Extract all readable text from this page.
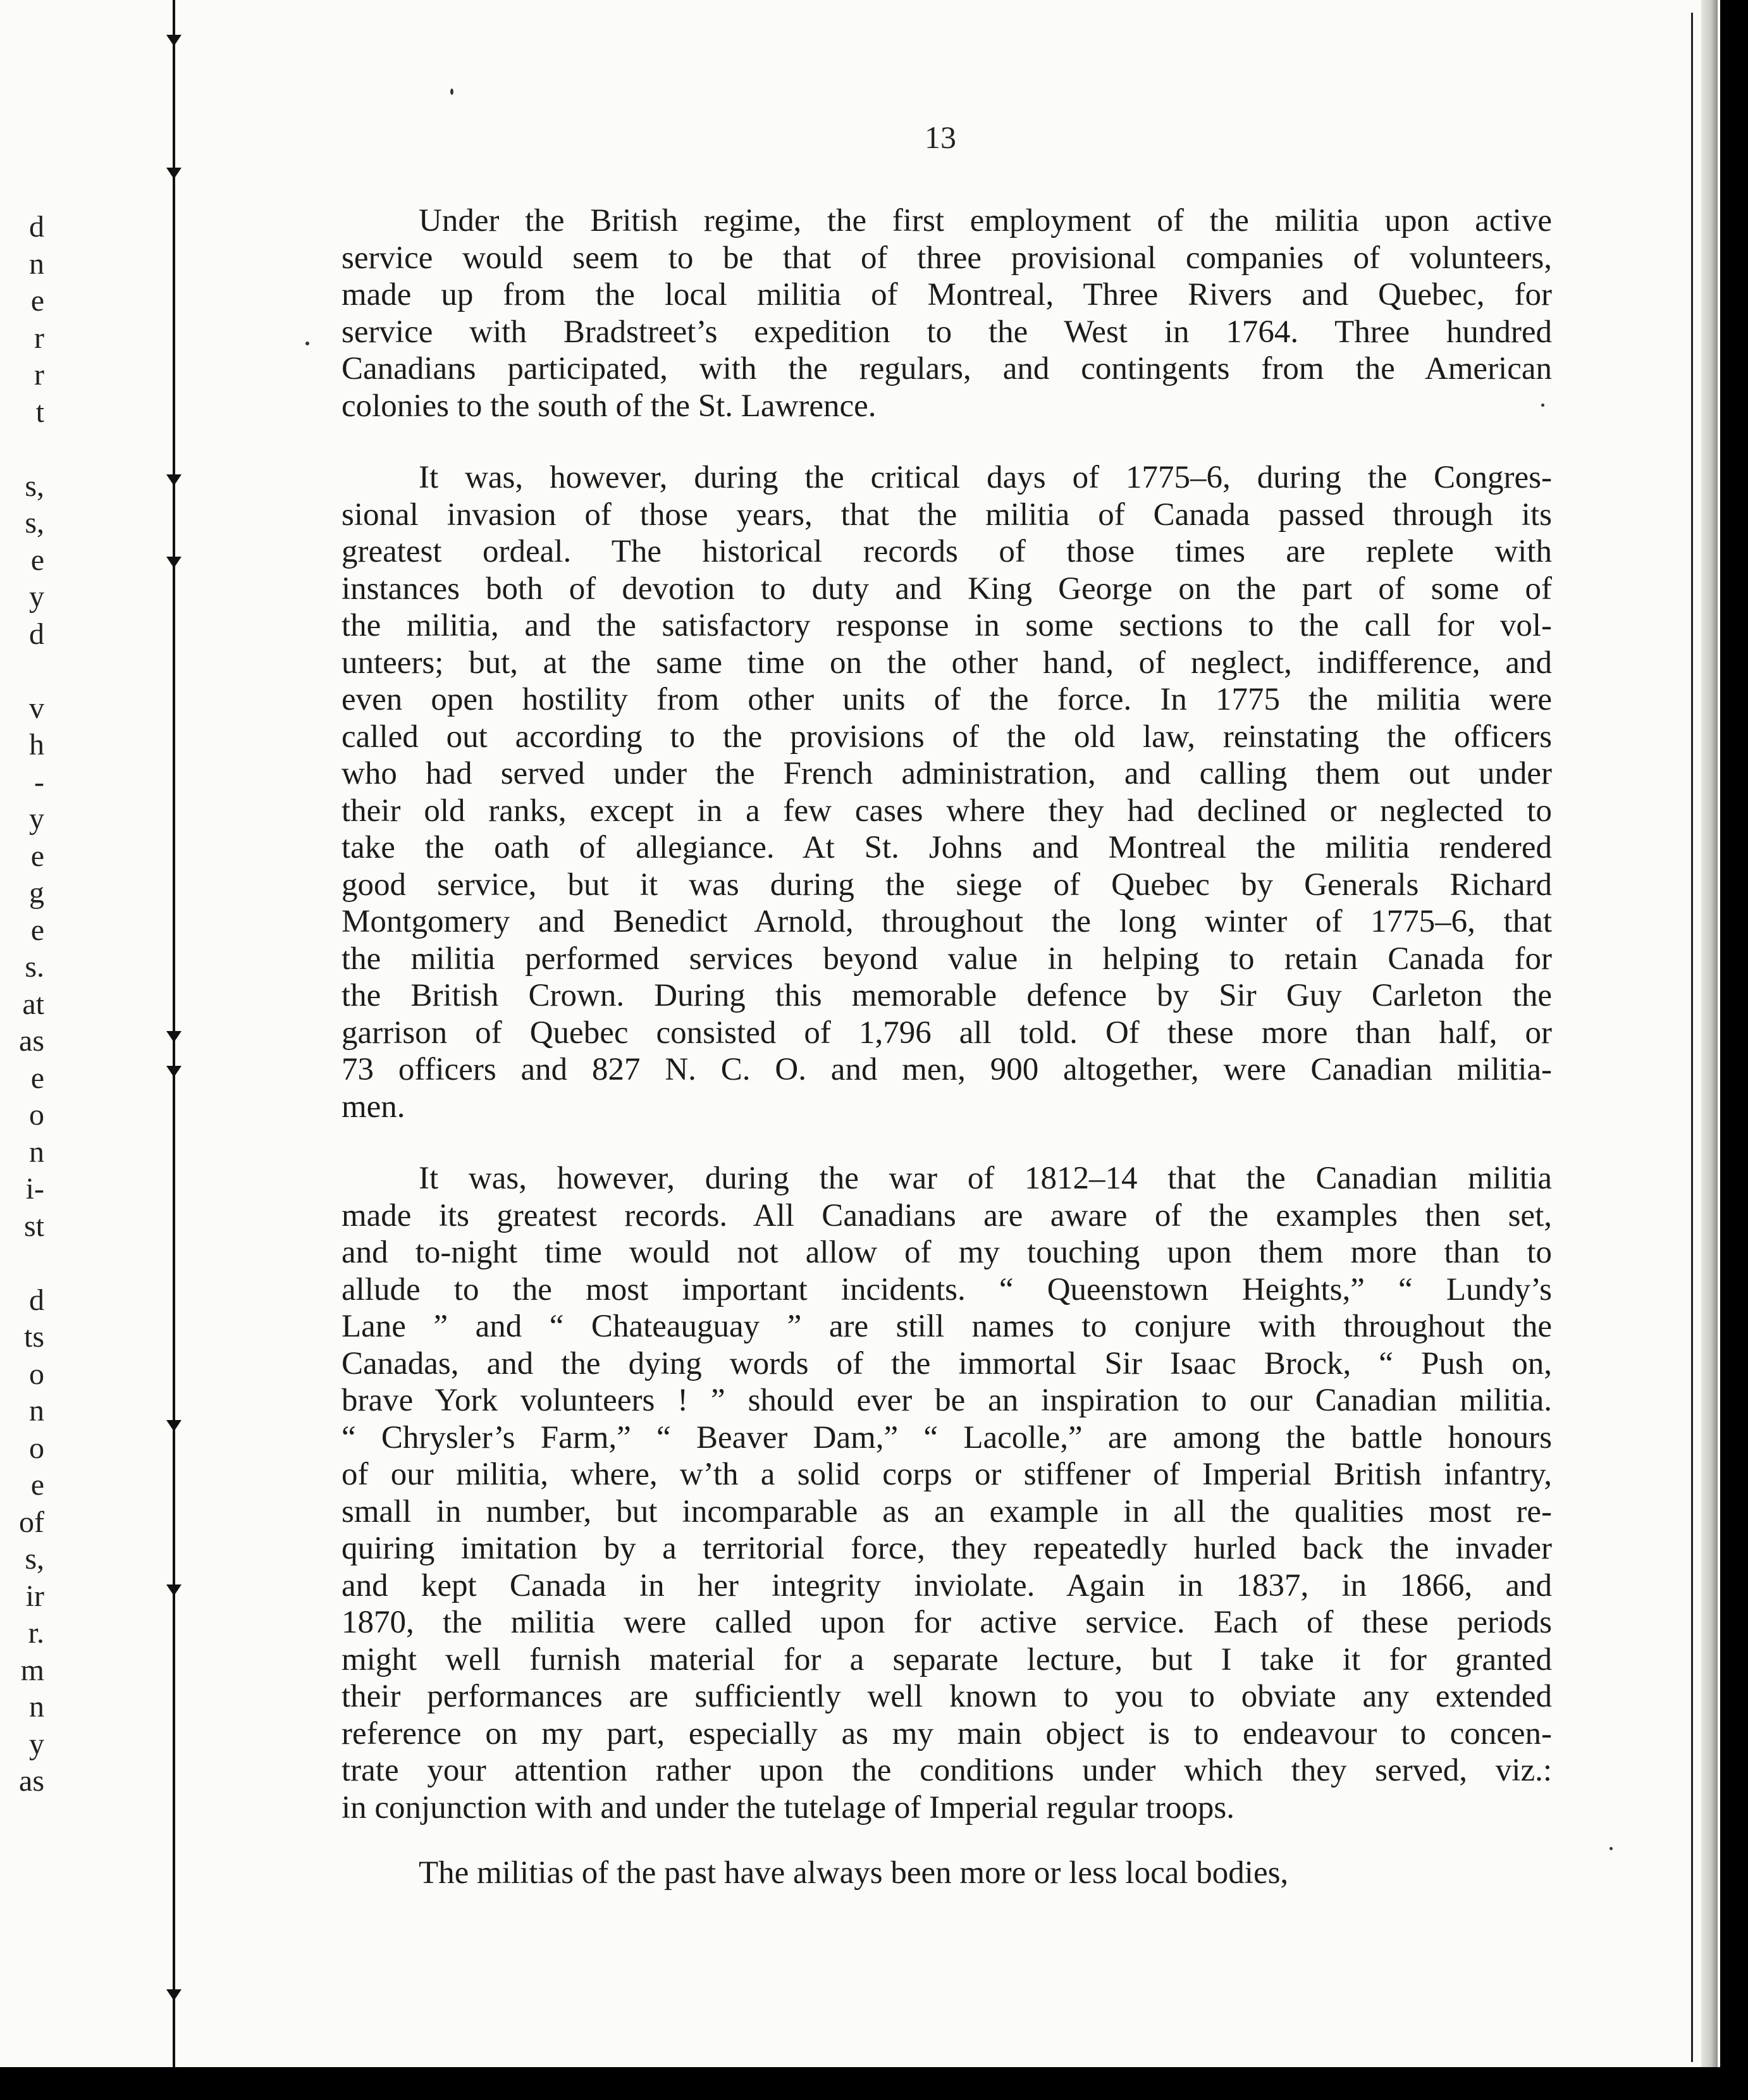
d
n
e
r
r
t
s,
s,
e
y
d
v
h
-
y
e
g
e
s.
at
as
e
o
n
i-
st
d
ts
o
n
o
e
of
s,
ir
r.
m
n
y
as
13
Under the British regime, the first employment of the militia upon active
service would seem to be that of three provisional companies of volunteers,
made up from the local militia of Montreal, Three Rivers and Quebec, for
service with Bradstreet’s expedition to the West in 1764. Three hundred
Canadians participated, with the regulars, and contingents from the American
colonies to the south of the St. Lawrence.
It was, however, during the critical days of 1775–6, during the Congres-
sional invasion of those years, that the militia of Canada passed through its
greatest ordeal. The historical records of those times are replete with
instances both of devotion to duty and King George on the part of some of
the militia, and the satisfactory response in some sections to the call for vol-
unteers; but, at the same time on the other hand, of neglect, indifference, and
even open hostility from other units of the force. In 1775 the militia were
called out according to the provisions of the old law, reinstating the officers
who had served under the French administration, and calling them out under
their old ranks, except in a few cases where they had declined or neglected to
take the oath of allegiance. At St. Johns and Montreal the militia rendered
good service, but it was during the siege of Quebec by Generals Richard
Montgomery and Benedict Arnold, throughout the long winter of 1775–6, that
the militia performed services beyond value in helping to retain Canada for
the British Crown. During this memorable defence by Sir Guy Carleton the
garrison of Quebec consisted of 1,796 all told. Of these more than half, or
73 officers and 827 N. C. O. and men, 900 altogether, were Canadian militia-
men.
It was, however, during the war of 1812–14 that the Canadian militia
made its greatest records. All Canadians are aware of the examples then set,
and to-night time would not allow of my touching upon them more than to
allude to the most important incidents. “ Queenstown Heights,” “ Lundy’s
Lane ” and “ Chateauguay ” are still names to conjure with throughout the
Canadas, and the dying words of the immortal Sir Isaac Brock, “ Push on,
brave York volunteers ! ” should ever be an inspiration to our Canadian militia.
“ Chrysler’s Farm,” “ Beaver Dam,” “ Lacolle,” are among the battle honours
of our militia, where, w’th a solid corps or stiffener of Imperial British infantry,
small in number, but incomparable as an example in all the qualities most re-
quiring imitation by a territorial force, they repeatedly hurled back the invader
and kept Canada in her integrity inviolate. Again in 1837, in 1866, and
1870, the militia were called upon for active service. Each of these periods
might well furnish material for a separate lecture, but I take it for granted
their performances are sufficiently well known to you to obviate any extended
reference on my part, especially as my main object is to endeavour to concen-
trate your attention rather upon the conditions under which they served, viz.:
in conjunction with and under the tutelage of Imperial regular troops.
The militias of the past have always been more or less local bodies,
